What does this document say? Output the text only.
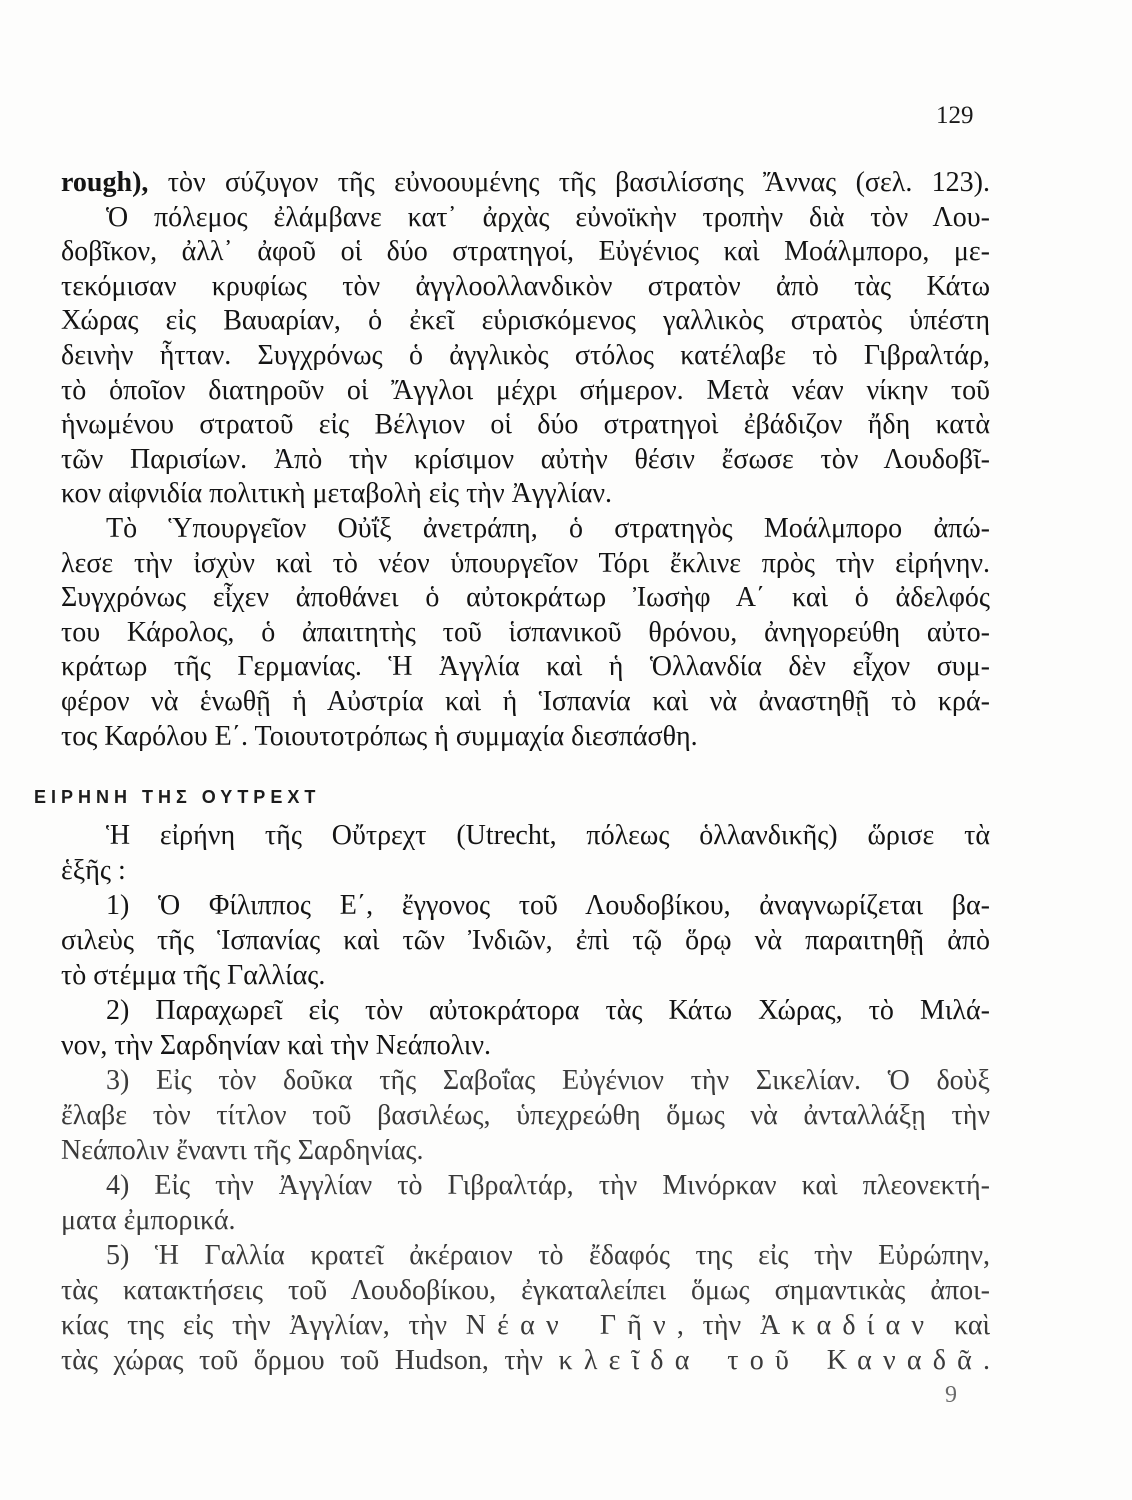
129
rough), τὸν σύζυγον τῆς εὐνοουμένης τῆς βασιλίσσης Ἄννας (σελ. 123).
Ὁ πόλεμος ἐλάμβανε κατ᾽ ἀρχὰς εὐνοϊκὴν τροπὴν διὰ τὸν Λου-
δοβῖκον, ἀλλ᾽ ἀφοῦ οἱ δύο στρατηγοί, Εὐγένιος καὶ Μοάλμπορο, με-
τεκόμισαν κρυφίως τὸν ἀγγλοολλανδικὸν στρατὸν ἀπὸ τὰς Κάτω
Χώρας εἰς Βαυαρίαν, ὁ ἐκεῖ εὑρισκόμενος γαλλικὸς στρατὸς ὑπέστη
δεινὴν ἧτταν. Συγχρόνως ὁ ἀγγλικὸς στόλος κατέλαβε τὸ Γιβραλτάρ,
τὸ ὁποῖον διατηροῦν οἱ Ἄγγλοι μέχρι σήμερον. Μετὰ νέαν νίκην τοῦ
ἡνωμένου στρατοῦ εἰς Βέλγιον οἱ δύο στρατηγοὶ ἐβάδιζον ἤδη κατὰ
τῶν Παρισίων. Ἀπὸ τὴν κρίσιμον αὐτὴν θέσιν ἔσωσε τὸν Λουδοβῖ-
κον αἰφνιδία πολιτικὴ μεταβολὴ εἰς τὴν Ἀγγλίαν.
Τὸ Ὑπουργεῖον Οὐΐξ ἀνετράπη, ὁ στρατηγὸς Μοάλμπορο ἀπώ-
λεσε τὴν ἰσχὺν καὶ τὸ νέον ὑπουργεῖον Τόρι ἔκλινε πρὸς τὴν εἰρήνην.
Συγχρόνως εἶχεν ἀποθάνει ὁ αὐτοκράτωρ Ἰωσὴφ Α΄ καὶ ὁ ἀδελφός
του Κάρολος, ὁ ἀπαιτητὴς τοῦ ἱσπανικοῦ θρόνου, ἀνηγορεύθη αὐτο-
κράτωρ τῆς Γερμανίας. Ἡ Ἀγγλία καὶ ἡ Ὁλλανδία δὲν εἶχον συμ-
φέρον νὰ ἑνωθῇ ἡ Αὐστρία καὶ ἡ Ἱσπανία καὶ νὰ ἀναστηθῇ τὸ κρά-
τος Καρόλου Ε΄. Τοιουτοτρόπως ἡ συμμαχία διεσπάσθη.
ΕΙΡΗΝΗ ΤΗΣ ΟΥΤΡΕΧΤ
Ἡ εἰρήνη τῆς Οὔτρεχτ (Utrecht, πόλεως ὁλλανδικῆς) ὥρισε τὰ
ἑξῆς :
1) Ὁ Φίλιππος Ε΄, ἔγγονος τοῦ Λουδοβίκου, ἀναγνωρίζεται βα-
σιλεὺς τῆς Ἱσπανίας καὶ τῶν Ἰνδιῶν, ἐπὶ τῷ ὅρῳ νὰ παραιτηθῇ ἀπὸ
τὸ στέμμα τῆς Γαλλίας.
2) Παραχωρεῖ εἰς τὸν αὐτοκράτορα τὰς Κάτω Χώρας, τὸ Μιλά-
νον, τὴν Σαρδηνίαν καὶ τὴν Νεάπολιν.
3) Εἰς τὸν δοῦκα τῆς Σαβοΐας Εὐγένιον τὴν Σικελίαν. Ὁ δοὺξ
ἔλαβε τὸν τίτλον τοῦ βασιλέως, ὑπεχρεώθη ὅμως νὰ ἀνταλλάξῃ τὴν
Νεάπολιν ἔναντι τῆς Σαρδηνίας.
4) Εἰς τὴν Ἀγγλίαν τὸ Γιβραλτάρ, τὴν Μινόρκαν καὶ πλεονεκτή-
ματα ἐμπορικά.
5) Ἡ Γαλλία κρατεῖ ἀκέραιον τὸ ἔδαφός της εἰς τὴν Εὐρώπην,
τὰς κατακτήσεις τοῦ Λουδοβίκου, ἐγκαταλείπει ὅμως σημαντικὰς ἀποι-
κίας της εἰς τὴν Ἀγγλίαν, τὴν Νέαν Γῆν, τὴν Ἀκαδίαν καὶ
τὰς χώρας τοῦ ὅρμου τοῦ Hudson, τὴν κλεῖδα τοῦ Καναδᾶ.
9
